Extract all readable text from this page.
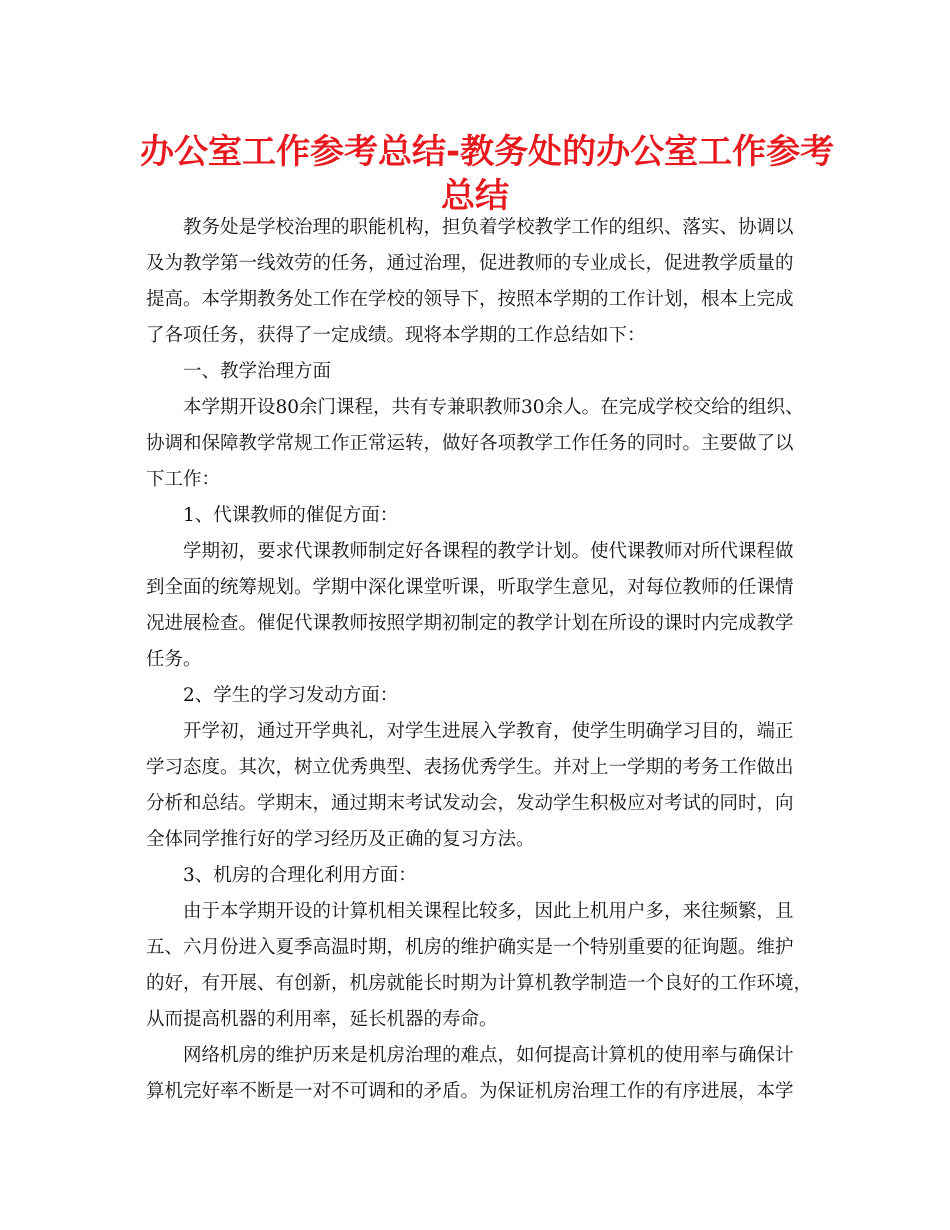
办公室工作参考总结-教务处的办公室工作参考
总结
教务处是学校治理的职能机构，担负着学校教学工作的组织、落实、协调以
及为教学第一线效劳的任务，通过治理，促进教师的专业成长，促进教学质量的
提高。本学期教务处工作在学校的领导下，按照本学期的工作计划，根本上完成
了各项任务，获得了一定成绩。现将本学期的工作总结如下：
一、教学治理方面
本学期开设80余门课程，共有专兼职教师30余人。在完成学校交给的组织、
协调和保障教学常规工作正常运转，做好各项教学工作任务的同时。主要做了以
下工作：
1、代课教师的催促方面：
学期初，要求代课教师制定好各课程的教学计划。使代课教师对所代课程做
到全面的统筹规划。学期中深化课堂听课，听取学生意见，对每位教师的任课情
况进展检查。催促代课教师按照学期初制定的教学计划在所设的课时内完成教学
任务。
2、学生的学习发动方面：
开学初，通过开学典礼，对学生进展入学教育，使学生明确学习目的，端正
学习态度。其次，树立优秀典型、表扬优秀学生。并对上一学期的考务工作做出
分析和总结。学期末，通过期末考试发动会，发动学生积极应对考试的同时，向
全体同学推行好的学习经历及正确的复习方法。
3、机房的合理化利用方面：
由于本学期开设的计算机相关课程比较多，因此上机用户多，来往频繁，且
五、六月份进入夏季高温时期，机房的维护确实是一个特别重要的征询题。维护
的好，有开展、有创新，机房就能长时期为计算机教学制造一个良好的工作环境，
从而提高机器的利用率，延长机器的寿命。
网络机房的维护历来是机房治理的难点，如何提高计算机的使用率与确保计
算机完好率不断是一对不可调和的矛盾。为保证机房治理工作的有序进展，本学
